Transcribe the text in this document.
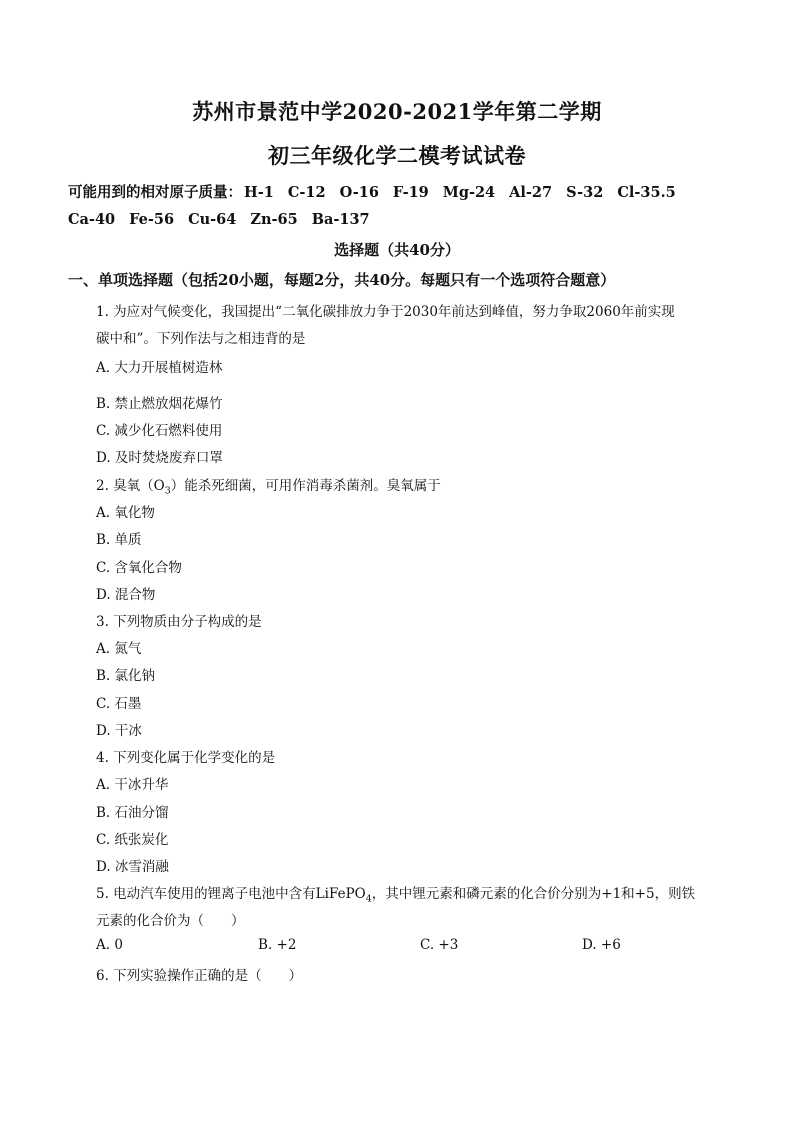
苏州市景范中学2020-2021学年第二学期
初三年级化学二模考试试卷
可能用到的相对原子质量： H-1 C-12 O-16 F-19 Mg-24 Al-27 S-32 Cl-35.5
Ca-40 Fe-56 Cu-64 Zn-65 Ba-137
选择题（共40分）
一、单项选择题（包括20小题，每题2分，共40分。每题只有一个选项符合题意）
1. 为应对气候变化，我国提出“二氧化碳排放力争于2030年前达到峰值，努力争取2060年前实现
碳中和”。下列作法与之相违背的是
A. 大力开展植树造林
B. 禁止燃放烟花爆竹
C. 减少化石燃料使用
D. 及时焚烧废弃口罩
2. 臭氧$(O_3)$能杀死细菌，可用作消毒杀菌剂。臭氧属于
A. 氧化物
B. 单质
C. 含氧化合物
D. 混合物
3. 下列物质由分子构成的是
A. 氮气
B. 氯化钠
C. 石墨
D. 干冰
4. 下列变化属于化学变化的是
A. 干冰升华
B. 石油分馏
C. 纸张炭化
D. 冰雪消融
5. 电动汽车使用的锂离子电池中含有LiFePO$_4$，其中锂元素和磷元素的化合价分别为+1和+5，则铁
元素的化合价为（　　）
A. 0	B. +2	C. +3	D. +6
6. 下列实验操作正确的是（　　）
